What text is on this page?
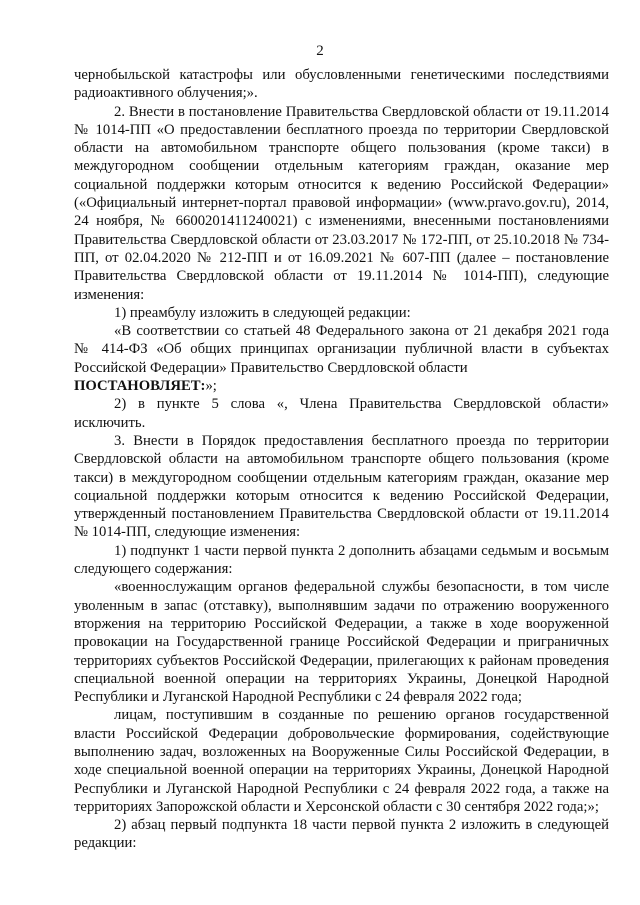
2

чернобыльской катастрофы или обусловленными генетическими последствиями радиоактивного облучения;».

2. Внести в постановление Правительства Свердловской области от 19.11.2014 № 1014-ПП «О предоставлении бесплатного проезда по территории Свердловской области на автомобильном транспорте общего пользования (кроме такси) в междугородном сообщении отдельным категориям граждан, оказание мер социальной поддержки которым относится к ведению Российской Федерации» («Официальный интернет-портал правовой информации» (www.pravo.gov.ru), 2014, 24 ноября, № 6600201411240021) с изменениями, внесенными постановлениями Правительства Свердловской области от 23.03.2017 № 172-ПП, от 25.10.2018 № 734-ПП, от 02.04.2020 № 212-ПП и от 16.09.2021 № 607-ПП (далее – постановление Правительства Свердловской области от 19.11.2014 № 1014-ПП), следующие изменения:

1) преамбулу изложить в следующей редакции:

«В соответствии со статьей 48 Федерального закона от 21 декабря 2021 года № 414-ФЗ «Об общих принципах организации публичной власти в субъектах Российской Федерации» Правительство Свердловской области

ПОСТАНОВЛЯЕТ:»;

2) в пункте 5 слова «, Члена Правительства Свердловской области» исключить.

3. Внести в Порядок предоставления бесплатного проезда по территории Свердловской области на автомобильном транспорте общего пользования (кроме такси) в междугородном сообщении отдельным категориям граждан, оказание мер социальной поддержки которым относится к ведению Российской Федерации, утвержденный постановлением Правительства Свердловской области от 19.11.2014 № 1014-ПП, следующие изменения:

1) подпункт 1 части первой пункта 2 дополнить абзацами седьмым и восьмым следующего содержания:

«военнослужащим органов федеральной службы безопасности, в том числе уволенным в запас (отставку), выполнявшим задачи по отражению вооруженного вторжения на территорию Российской Федерации, а также в ходе вооруженной провокации на Государственной границе Российской Федерации и приграничных территориях субъектов Российской Федерации, прилегающих к районам проведения специальной военной операции на территориях Украины, Донецкой Народной Республики и Луганской Народной Республики с 24 февраля 2022 года;

лицам, поступившим в созданные по решению органов государственной власти Российской Федерации добровольческие формирования, содействующие выполнению задач, возложенных на Вооруженные Силы Российской Федерации, в ходе специальной военной операции на территориях Украины, Донецкой Народной Республики и Луганской Народной Республики с 24 февраля 2022 года, а также на территориях Запорожской области и Херсонской области с 30 сентября 2022 года;»;

2) абзац первый подпункта 18 части первой пункта 2 изложить в следующей редакции:
